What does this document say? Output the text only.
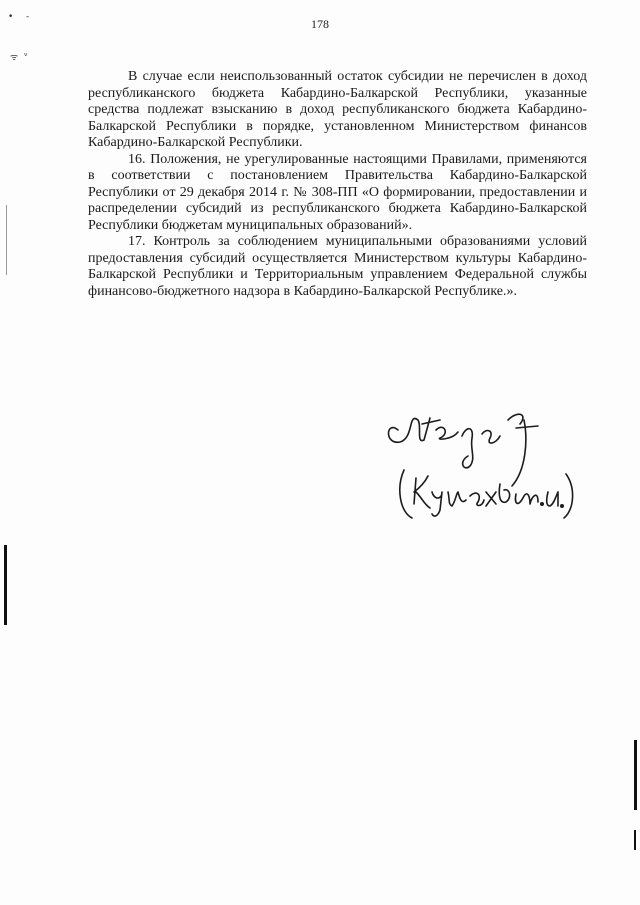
• -
ᯤ ᵛ
178

В случае если неиспользованный остаток субсидии не перечислен в доход республиканского бюджета Кабардино-Балкарской Республики, указанные средства подлежат взысканию в доход республиканского бюджета Кабардино-Балкарской Республики в порядке, установленном Министерством финансов Кабардино-Балкарской Республики.

16. Положения, не урегулированные настоящими Правилами, применяются в соответствии с постановлением Правительства Кабардино-Балкарской Республики от 29 декабря 2014 г. № 308-ПП «О формировании, предоставлении и распределении субсидий из республиканского бюджета Кабардино-Балкарской Республики бюджетам муниципальных образований».

17. Контроль за соблюдением муниципальными образованиями условий предоставления субсидий осуществляется Министерством культуры Кабардино-Балкарской Республики и Территориальным управлением Федеральной службы финансово-бюджетного надзора в Кабардино-Балкарской Республике.».
